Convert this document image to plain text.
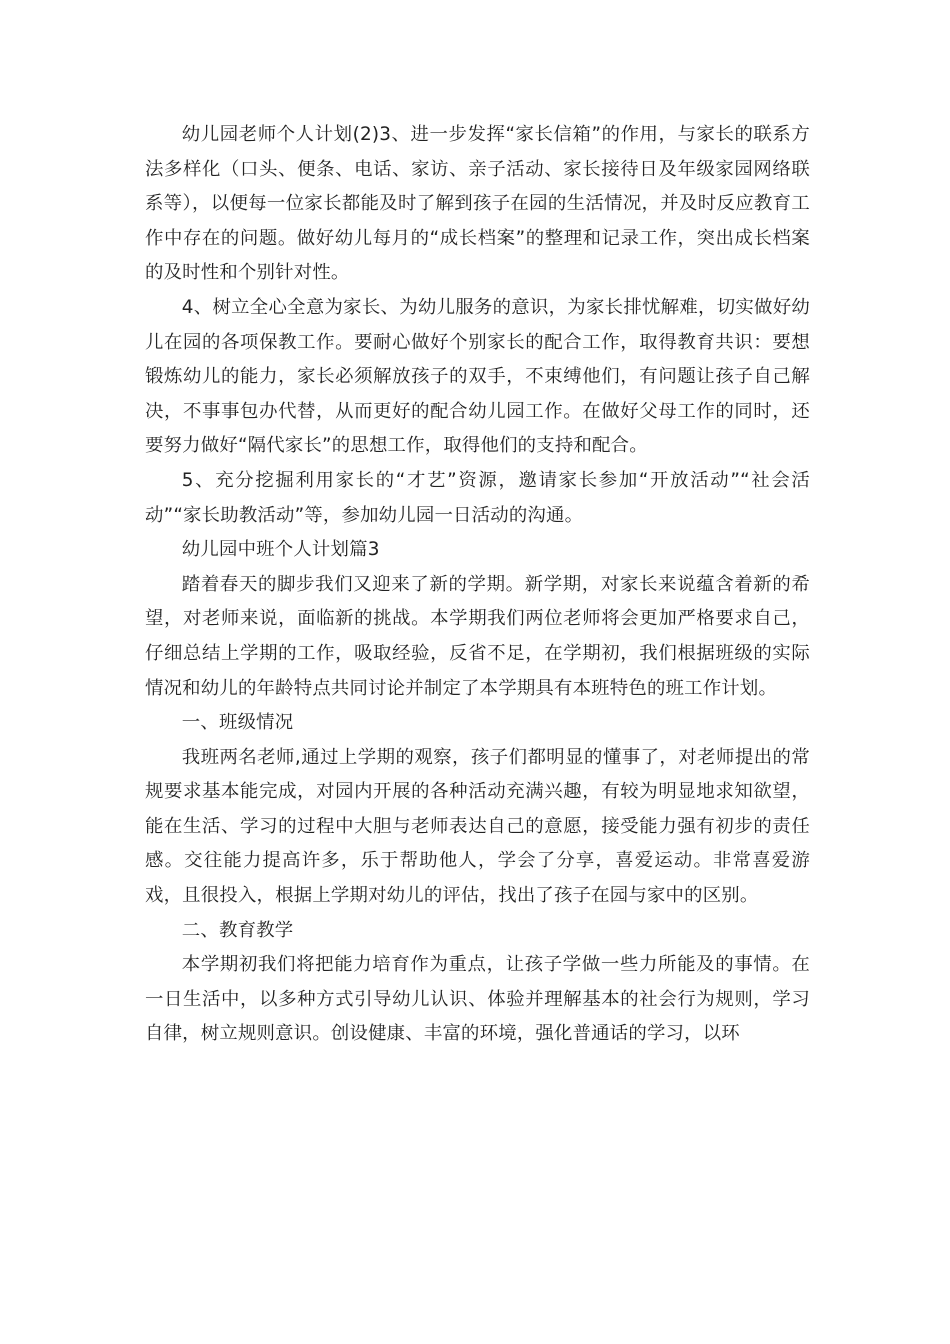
幼儿园老师个人计划(2)3、进一步发挥“家长信箱”的作用，与家长的联系方法多样化（口头、便条、电话、家访、亲子活动、家长接待日及年级家园网络联系等），以便每一位家长都能及时了解到孩子在园的生活情况，并及时反应教育工作中存在的问题。做好幼儿每月的“成长档案”的整理和记录工作，突出成长档案的及时性和个别针对性。

4、树立全心全意为家长、为幼儿服务的意识，为家长排忧解难，切实做好幼儿在园的各项保教工作。要耐心做好个别家长的配合工作，取得教育共识：要想锻炼幼儿的能力，家长必须解放孩子的双手，不束缚他们，有问题让孩子自己解决，不事事包办代替，从而更好的配合幼儿园工作。在做好父母工作的同时，还要努力做好“隔代家长”的思想工作，取得他们的支持和配合。

5、充分挖掘利用家长的“才艺”资源，邀请家长参加“开放活动”“社会活动”“家长助教活动”等，参加幼儿园一日活动的沟通。

幼儿园中班个人计划篇3

踏着春天的脚步我们又迎来了新的学期。新学期，对家长来说蕴含着新的希望，对老师来说，面临新的挑战。本学期我们两位老师将会更加严格要求自己，仔细总结上学期的工作，吸取经验，反省不足，在学期初，我们根据班级的实际情况和幼儿的年龄特点共同讨论并制定了本学期具有本班特色的班工作计划。

一、班级情况

我班两名老师,通过上学期的观察，孩子们都明显的懂事了，对老师提出的常规要求基本能完成，对园内开展的各种活动充满兴趣，有较为明显地求知欲望，能在生活、学习的过程中大胆与老师表达自己的意愿，接受能力强有初步的责任感。交往能力提高许多，乐于帮助他人，学会了分享，喜爱运动。非常喜爱游戏，且很投入，根据上学期对幼儿的评估，找出了孩子在园与家中的区别。

二、教育教学

本学期初我们将把能力培育作为重点，让孩子学做一些力所能及的事情。在一日生活中，以多种方式引导幼儿认识、体验并理解基本的社会行为规则，学习自律，树立规则意识。创设健康、丰富的环境，强化普通话的学习，以环
